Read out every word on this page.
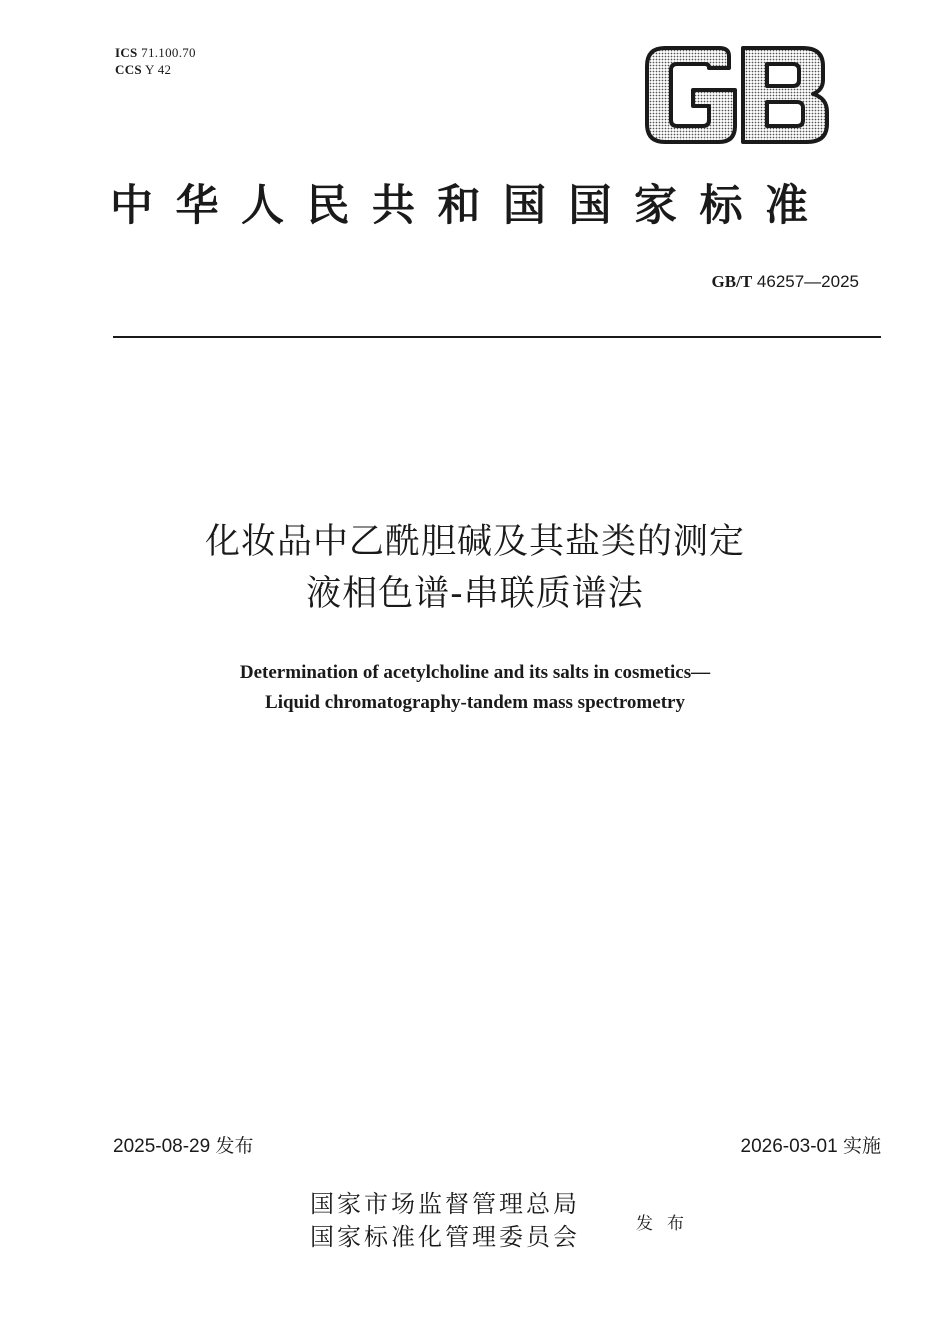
ICS 71.100.70
CCS Y 42
中华人民共和国国家标准
GB/T 46257—2025
化妆品中乙酰胆碱及其盐类的测定
液相色谱-串联质谱法
Determination of acetylcholine and its salts in cosmetics—
Liquid chromatography-tandem mass spectrometry
2025-08-29 发布	2026-03-01 实施
国家市场监督管理总局
国家标准化管理委员会	发布
